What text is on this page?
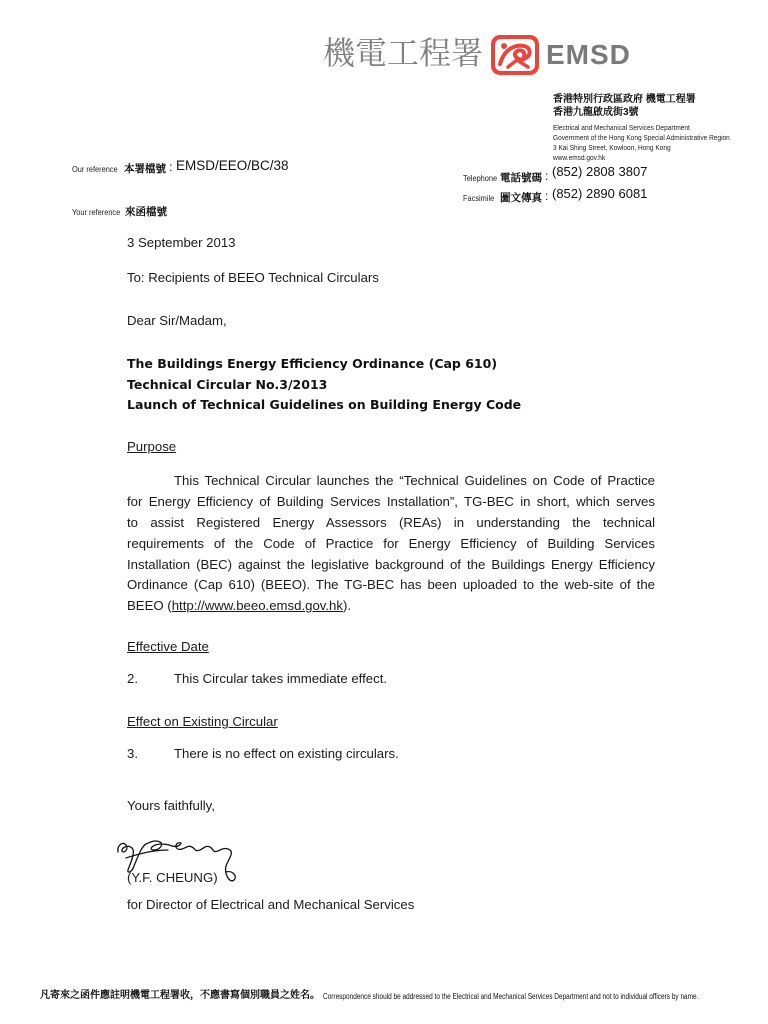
機電工程署 EMSD
香港特別行政區政府 機電工程署
香港九龍啟成街3號
Electrical and Mechanical Services Department
Government of the Hong Kong Special Administrative Region
3 Kai Shing Street, Kowloon, Hong Kong
www.emsd.gov.hk
Our reference 本署檔號 : EMSD/EEO/BC/38
Telephone 電話號碼 : (852) 2808 3807
Facsimile 圖文傳真 : (852) 2890 6081
Your reference 來函檔號
3 September 2013
To: Recipients of BEEO Technical Circulars
Dear Sir/Madam,
The Buildings Energy Efficiency Ordinance (Cap 610)
Technical Circular No.3/2013
Launch of Technical Guidelines on Building Energy Code
Purpose
This Technical Circular launches the “Technical Guidelines on Code of Practice
for Energy Efficiency of Building Services Installation”, TG-BEC in short, which serves
to assist Registered Energy Assessors (REAs) in understanding the technical
requirements of the Code of Practice for Energy Efficiency of Building Services
Installation (BEC) against the legislative background of the Buildings Energy Efficiency
Ordinance (Cap 610) (BEEO). The TG-BEC has been uploaded to the web-site of the
BEEO (http://www.beeo.emsd.gov.hk).
Effective Date
2.	This Circular takes immediate effect.
Effect on Existing Circular
3.	There is no effect on existing circulars.
Yours faithfully,
(Y.F. CHEUNG)
for Director of Electrical and Mechanical Services
凡寄來之函件應註明機電工程署收，不應書寫個別職員之姓名。 Correspondence should be addressed to the Electrical and Mechanical Services Department and not to individual officers by name.
